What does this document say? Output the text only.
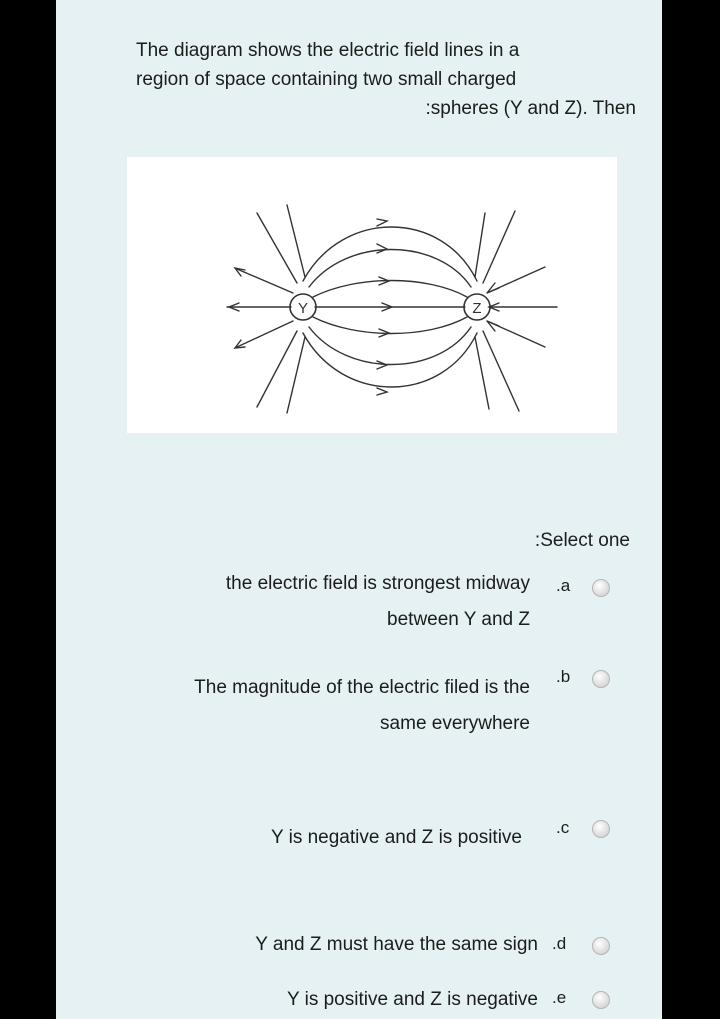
The diagram shows the electric field lines in a
region of space containing two small charged
:spheres (Y and Z). Then
Y	Z
:Select one
the electric field is strongest midway
between Y and Z
.a
The magnitude of the electric filed is the
same everywhere
.b
Y is negative and Z is positive .c
Y and Z must have the same sign .d
Y is positive and Z is negative .e
